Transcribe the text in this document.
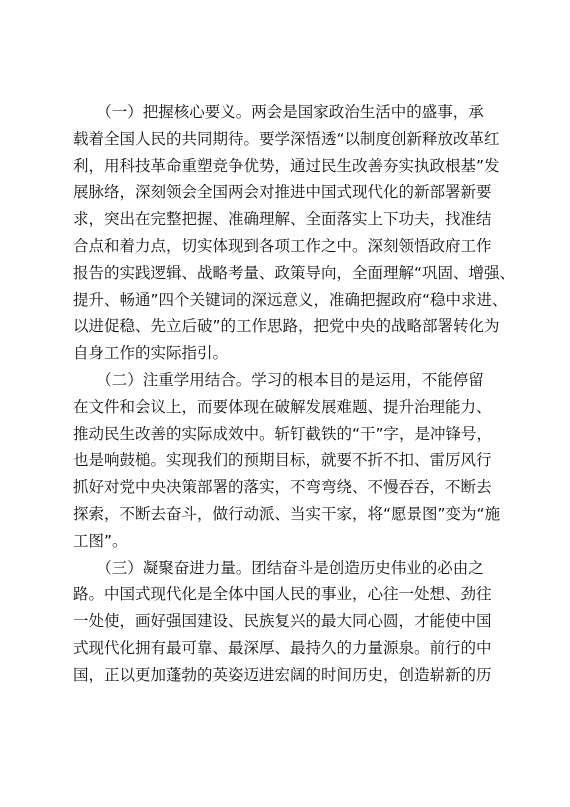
　　（一）把握核心要义。两会是国家政治生活中的盛事，承
载着全国人民的共同期待。要学深悟透“以制度创新释放改革红
利，用科技革命重塑竞争优势，通过民生改善夯实执政根基”发
展脉络，深刻领会全国两会对推进中国式现代化的新部署新要
求，突出在完整把握、准确理解、全面落实上下功夫，找准结
合点和着力点，切实体现到各项工作之中。深刻领悟政府工作
报告的实践逻辑、战略考量、政策导向，全面理解“巩固、增强、
提升、畅通”四个关键词的深远意义，准确把握政府“稳中求进、
以进促稳、先立后破”的工作思路，把党中央的战略部署转化为
自身工作的实际指引。
　　（二）注重学用结合。学习的根本目的是运用，不能停留
在文件和会议上，而要体现在破解发展难题、提升治理能力、
推动民生改善的实际成效中。斩钉截铁的“干”字，是冲锋号，
也是响鼓槌。实现我们的预期目标，就要不折不扣、雷厉风行
抓好对党中央决策部署的落实，不弯弯绕、不慢吞吞，不断去
探索，不断去奋斗，做行动派、当实干家，将“愿景图”变为“施
工图”。
　　（三）凝聚奋进力量。团结奋斗是创造历史伟业的必由之
路。中国式现代化是全体中国人民的事业，心往一处想、劲往
一处使，画好强国建设、民族复兴的最大同心圆，才能使中国
式现代化拥有最可靠、最深厚、最持久的力量源泉。前行的中
国，正以更加蓬勃的英姿迈进宏阔的时间历史，创造崭新的历
